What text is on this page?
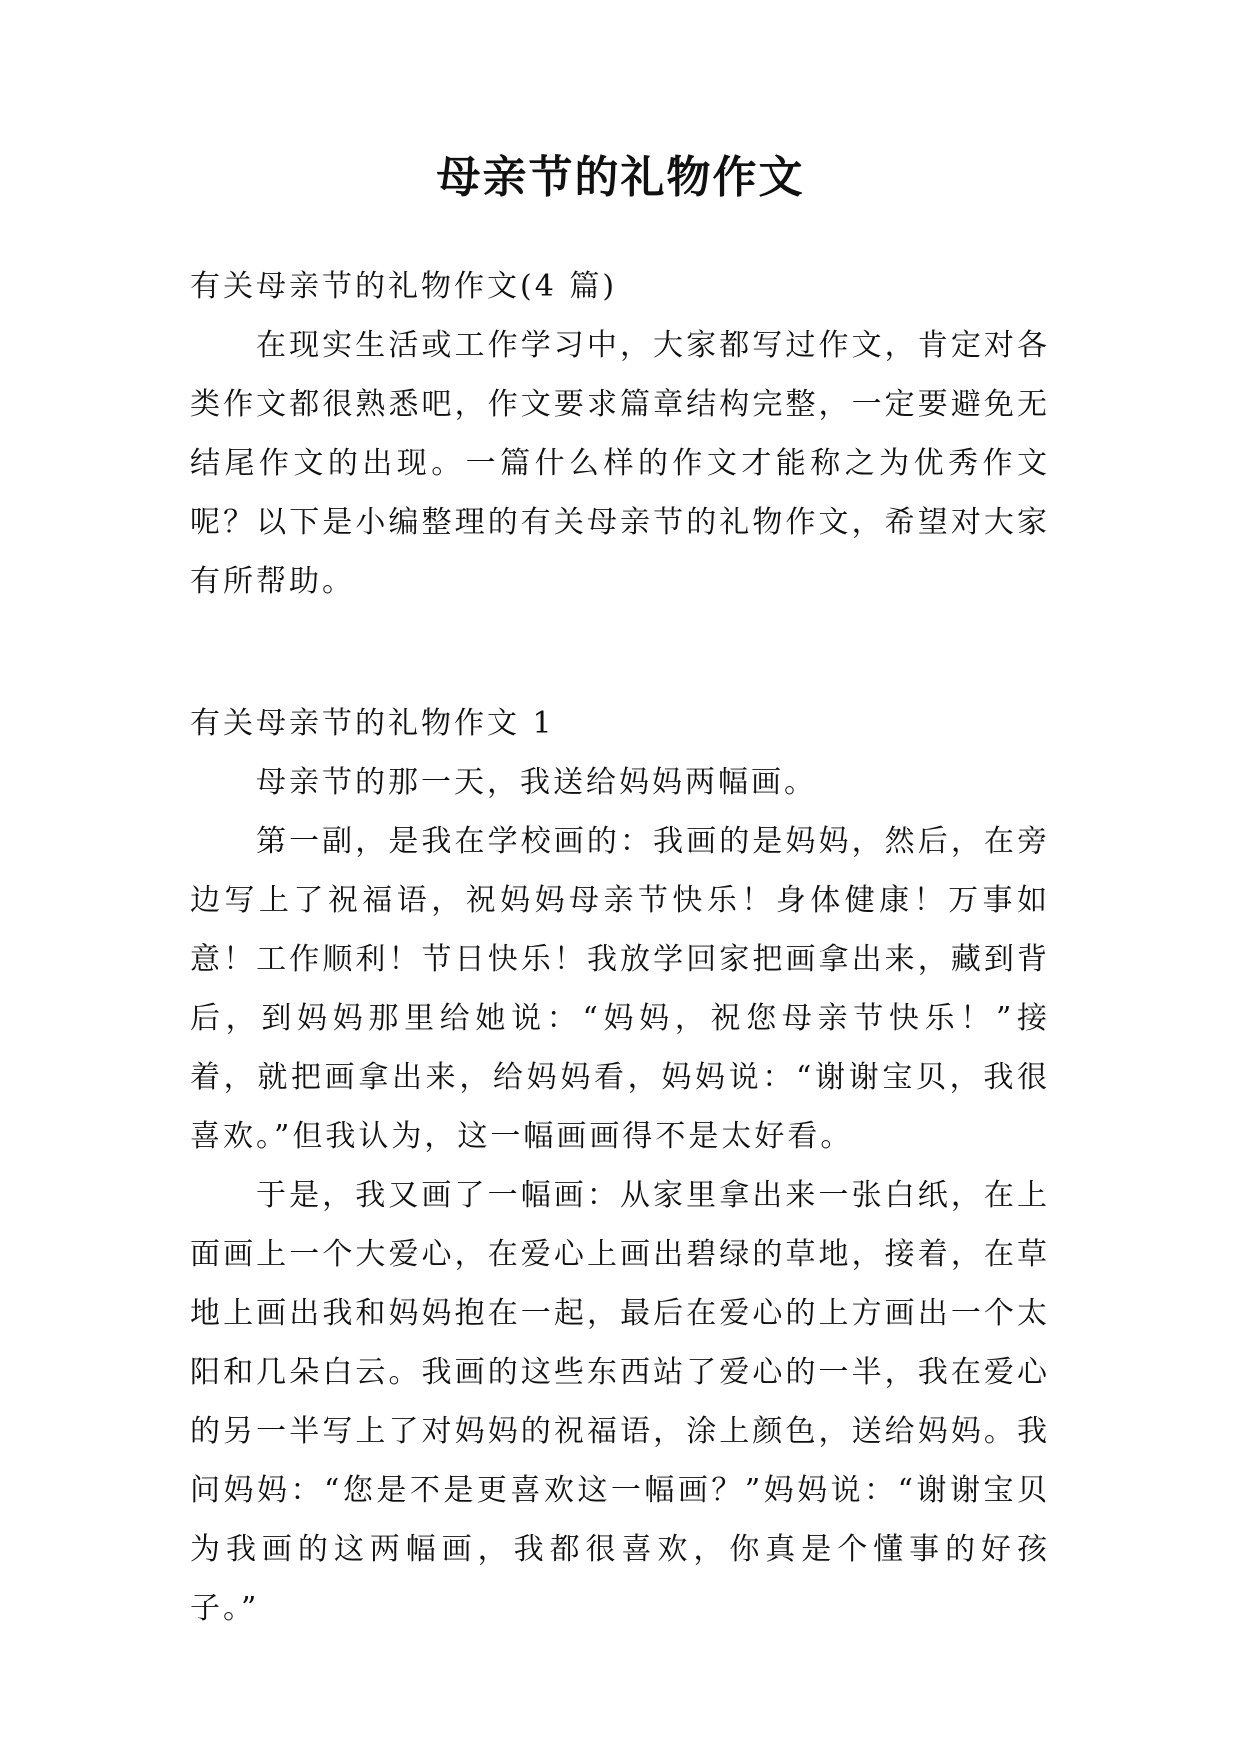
母亲节的礼物作文

有关母亲节的礼物作文(4 篇)

在现实生活或工作学习中，大家都写过作文，肯定对各类作文都很熟悉吧，作文要求篇章结构完整，一定要避免无结尾作文的出现。一篇什么样的作文才能称之为优秀作文呢？以下是小编整理的有关母亲节的礼物作文，希望对大家有所帮助。

有关母亲节的礼物作文 1

母亲节的那一天，我送给妈妈两幅画。

第一副，是我在学校画的：我画的是妈妈，然后，在旁边写上了祝福语，祝妈妈母亲节快乐！身体健康！万事如意！工作顺利！节日快乐！我放学回家把画拿出来，藏到背后，到妈妈那里给她说：“妈妈，祝您母亲节快乐！”接着，就把画拿出来，给妈妈看，妈妈说：“谢谢宝贝，我很喜欢。”但我认为，这一幅画画得不是太好看。

于是，我又画了一幅画：从家里拿出来一张白纸，在上面画上一个大爱心，在爱心上画出碧绿的草地，接着，在草地上画出我和妈妈抱在一起，最后在爱心的上方画出一个太阳和几朵白云。我画的这些东西站了爱心的一半，我在爱心的另一半写上了对妈妈的祝福语，涂上颜色，送给妈妈。我问妈妈：“您是不是更喜欢这一幅画？”妈妈说：“谢谢宝贝为我画的这两幅画，我都很喜欢，你真是个懂事的好孩子。”
